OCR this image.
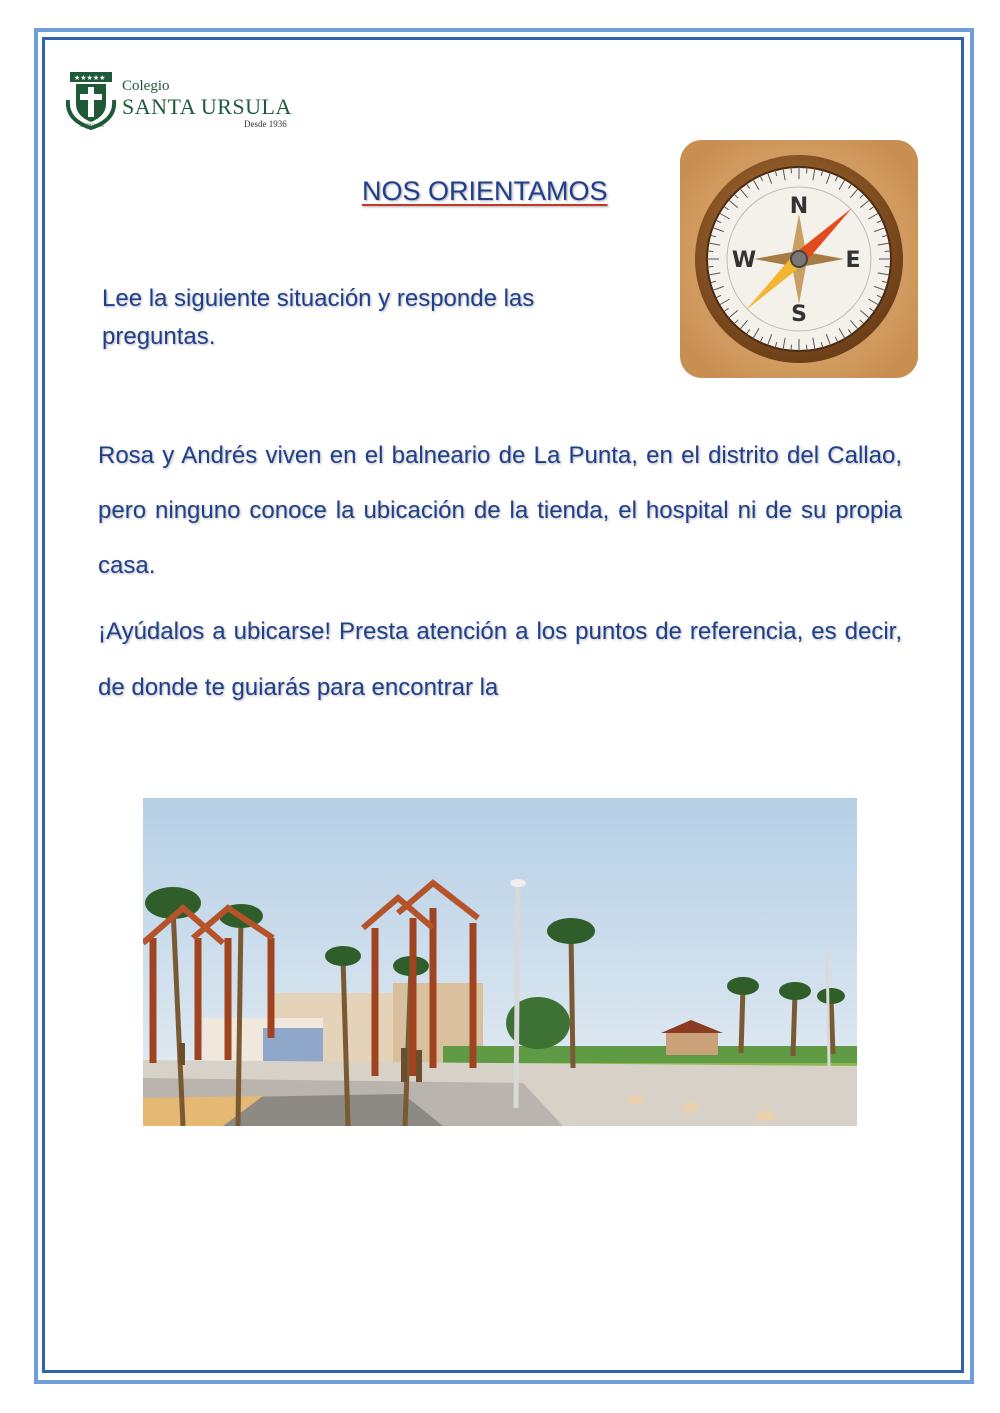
★★★★★
SERVIAM
Colegio
SANTA URSULA
Desde 1936
NOS ORIENTAMOS
Lee la siguiente situación y responde las preguntas.
N
S
E
W
Rosa y Andrés viven en el balneario de La Punta, en el distrito del Callao, pero ninguno conoce la ubicación de la tienda, el hospital ni de su propia casa.
¡Ayúdalos a ubicarse! Presta atención a los puntos de referencia, es decir, de donde te guiarás para encontrar la
